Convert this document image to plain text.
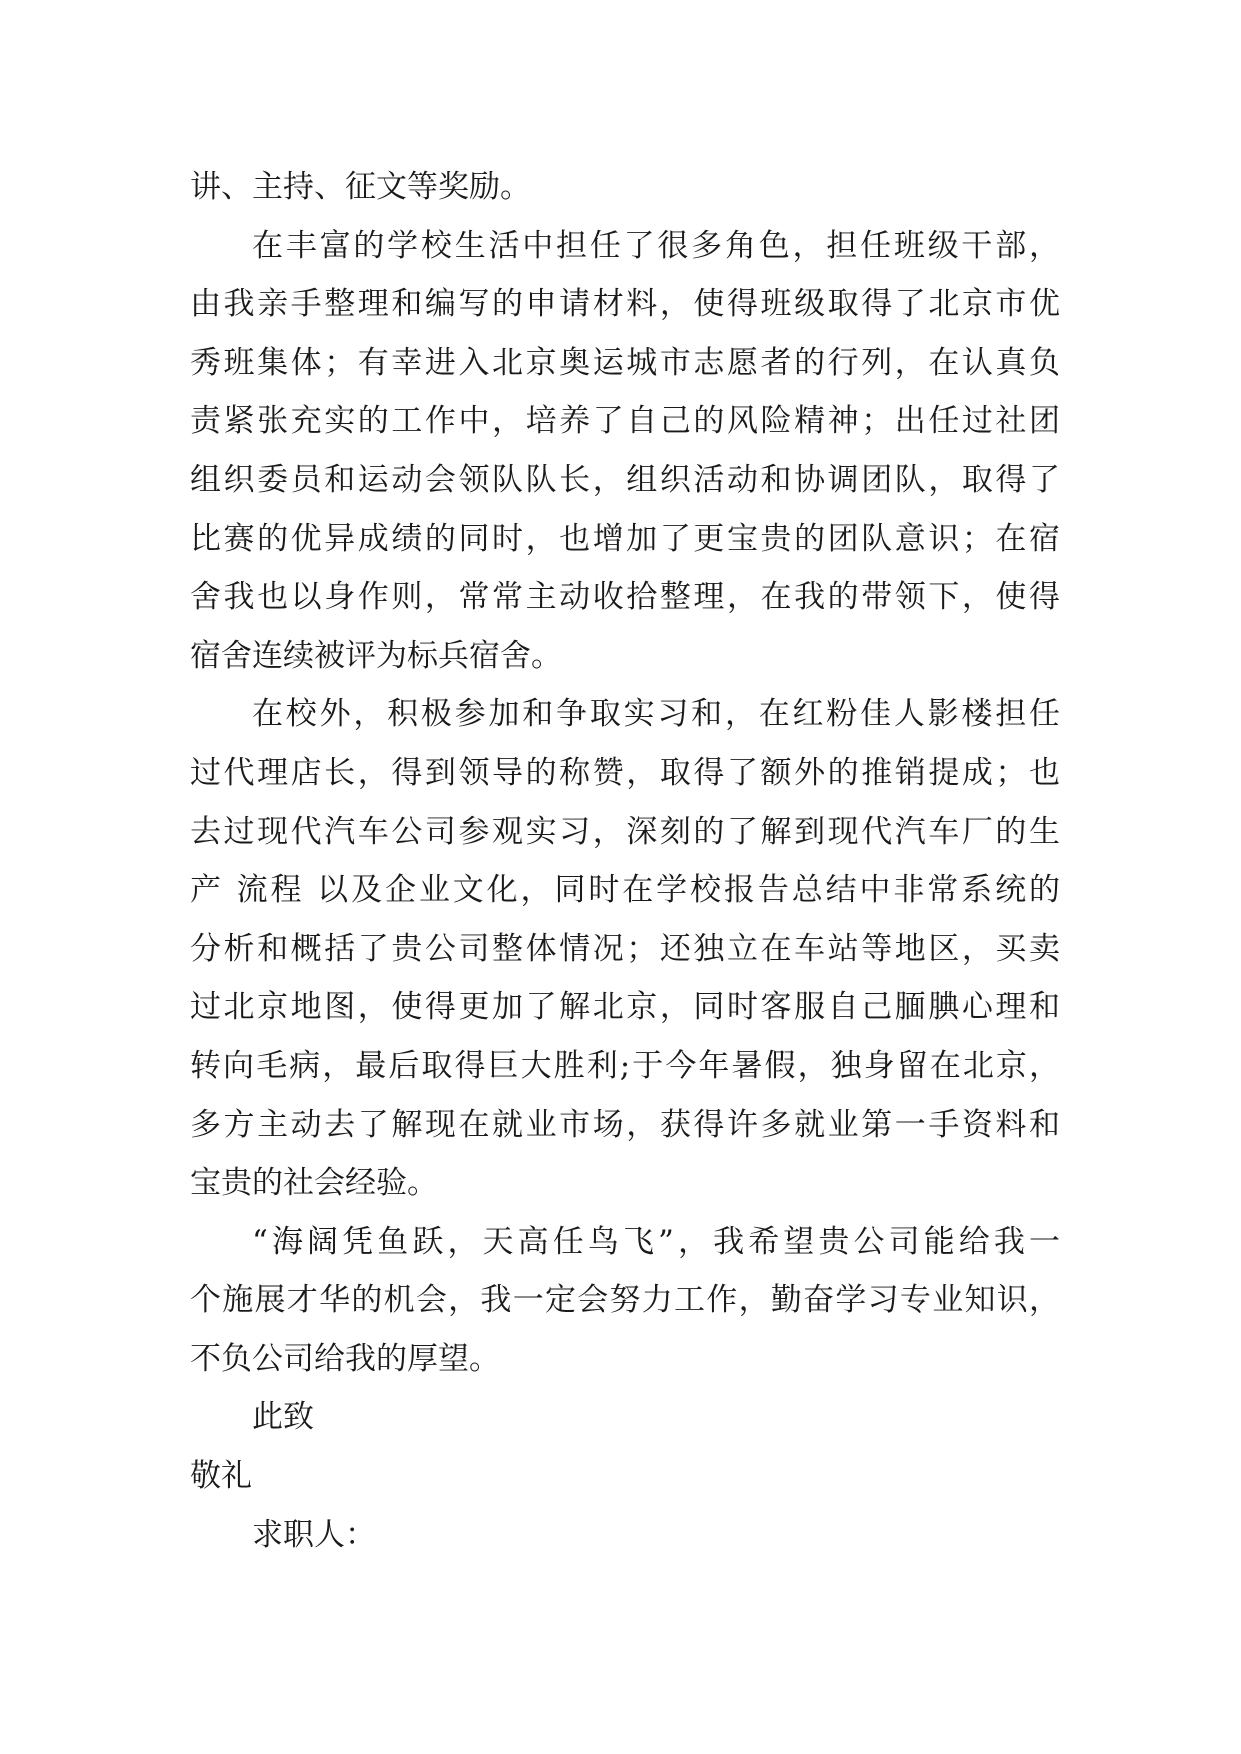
讲、主持、征文等奖励。
在丰富的学校生活中担任了很多角色，担任班级干部，
由我亲手整理和编写的申请材料，使得班级取得了北京市优
秀班集体；有幸进入北京奥运城市志愿者的行列，在认真负
责紧张充实的工作中，培养了自己的风险精神；出任过社团
组织委员和运动会领队队长，组织活动和协调团队，取得了
比赛的优异成绩的同时，也增加了更宝贵的团队意识；在宿
舍我也以身作则，常常主动收拾整理，在我的带领下，使得
宿舍连续被评为标兵宿舍。
在校外，积极参加和争取实习和，在红粉佳人影楼担任
过代理店长，得到领导的称赞，取得了额外的推销提成；也
去过现代汽车公司参观实习，深刻的了解到现代汽车厂的生
产 流程 以及企业文化，同时在学校报告总结中非常系统的
分析和概括了贵公司整体情况；还独立在车站等地区，买卖
过北京地图，使得更加了解北京，同时客服自己腼腆心理和
转向毛病，最后取得巨大胜利;于今年暑假，独身留在北京，
多方主动去了解现在就业市场，获得许多就业第一手资料和
宝贵的社会经验。
“海阔凭鱼跃，天高任鸟飞”，我希望贵公司能给我一
个施展才华的机会，我一定会努力工作，勤奋学习专业知识，
不负公司给我的厚望。
此致
敬礼
求职人：
